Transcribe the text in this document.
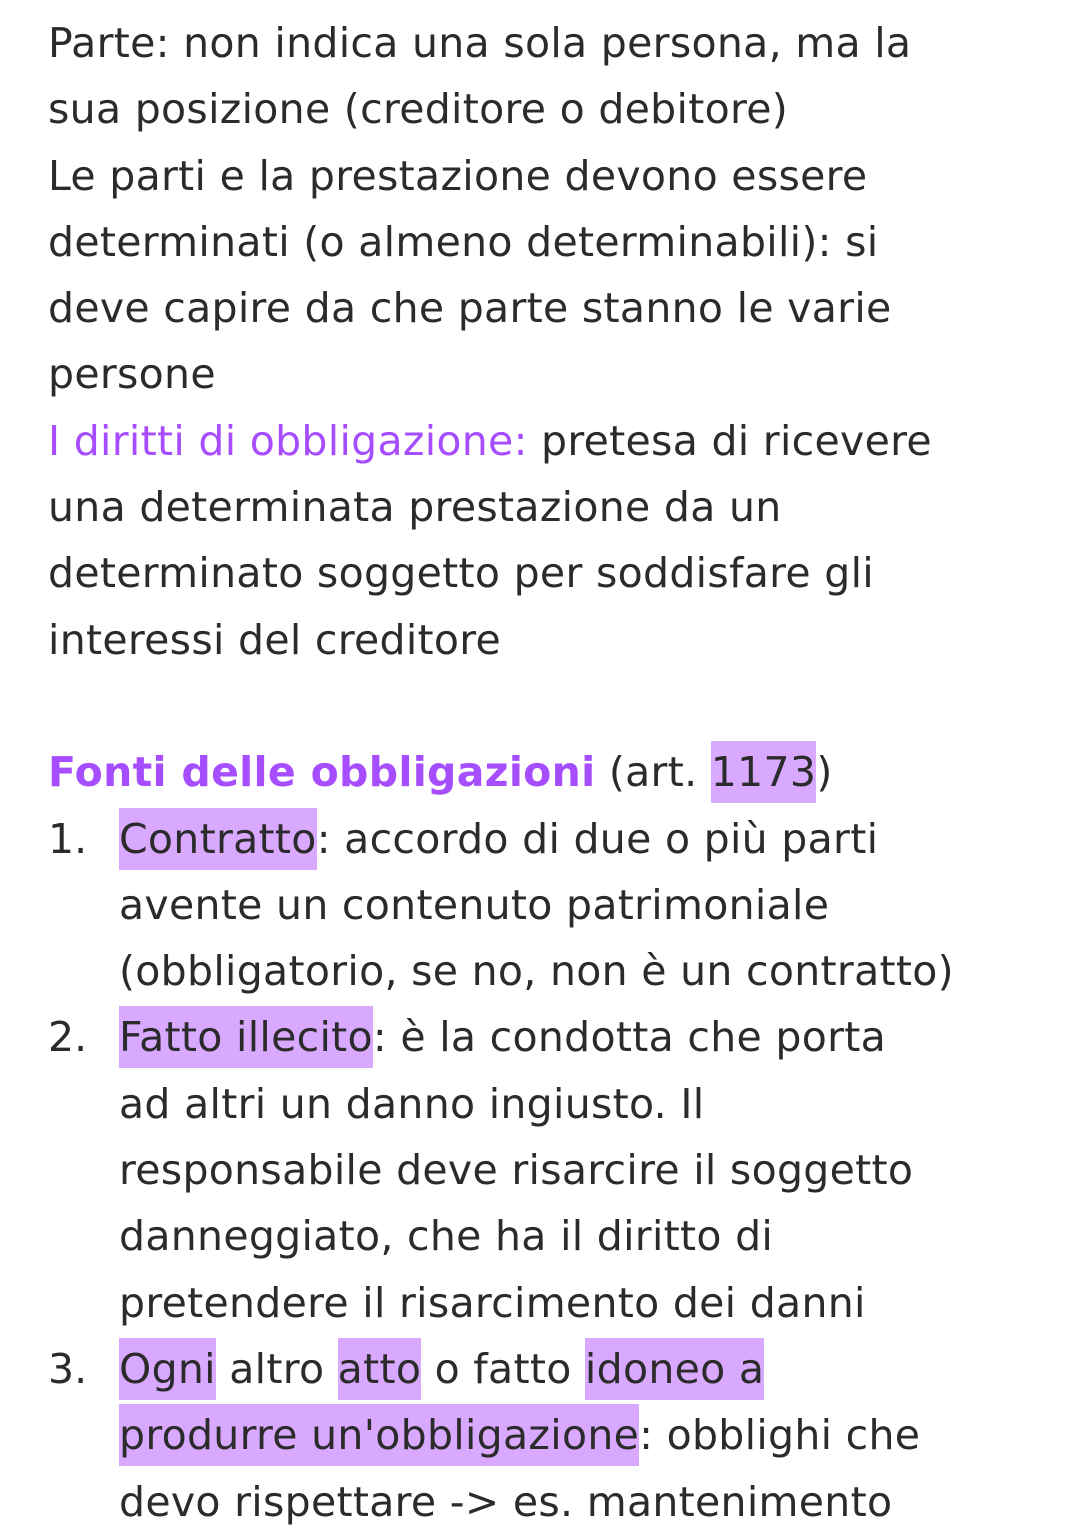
Parte: non indica una sola persona, ma la
sua posizione (creditore o debitore)
Le parti e la prestazione devono essere
determinati (o almeno determinabili): si
deve capire da che parte stanno le varie
persone
I diritti di obbligazione: pretesa di ricevere
una determinata prestazione da un
determinato soggetto per soddisfare gli
interessi del creditore
Fonti delle obbligazioni (art. 1173)
1. Contratto: accordo di due o più parti
avente un contenuto patrimoniale
(obbligatorio, se no, non è un contratto)
2. Fatto illecito: è la condotta che porta
ad altri un danno ingiusto. Il
responsabile deve risarcire il soggetto
danneggiato, che ha il diritto di
pretendere il risarcimento dei danni
3. Ogni altro atto o fatto idoneo a
produrre un'obbligazione: obblighi che
devo rispettare -> es. mantenimento
